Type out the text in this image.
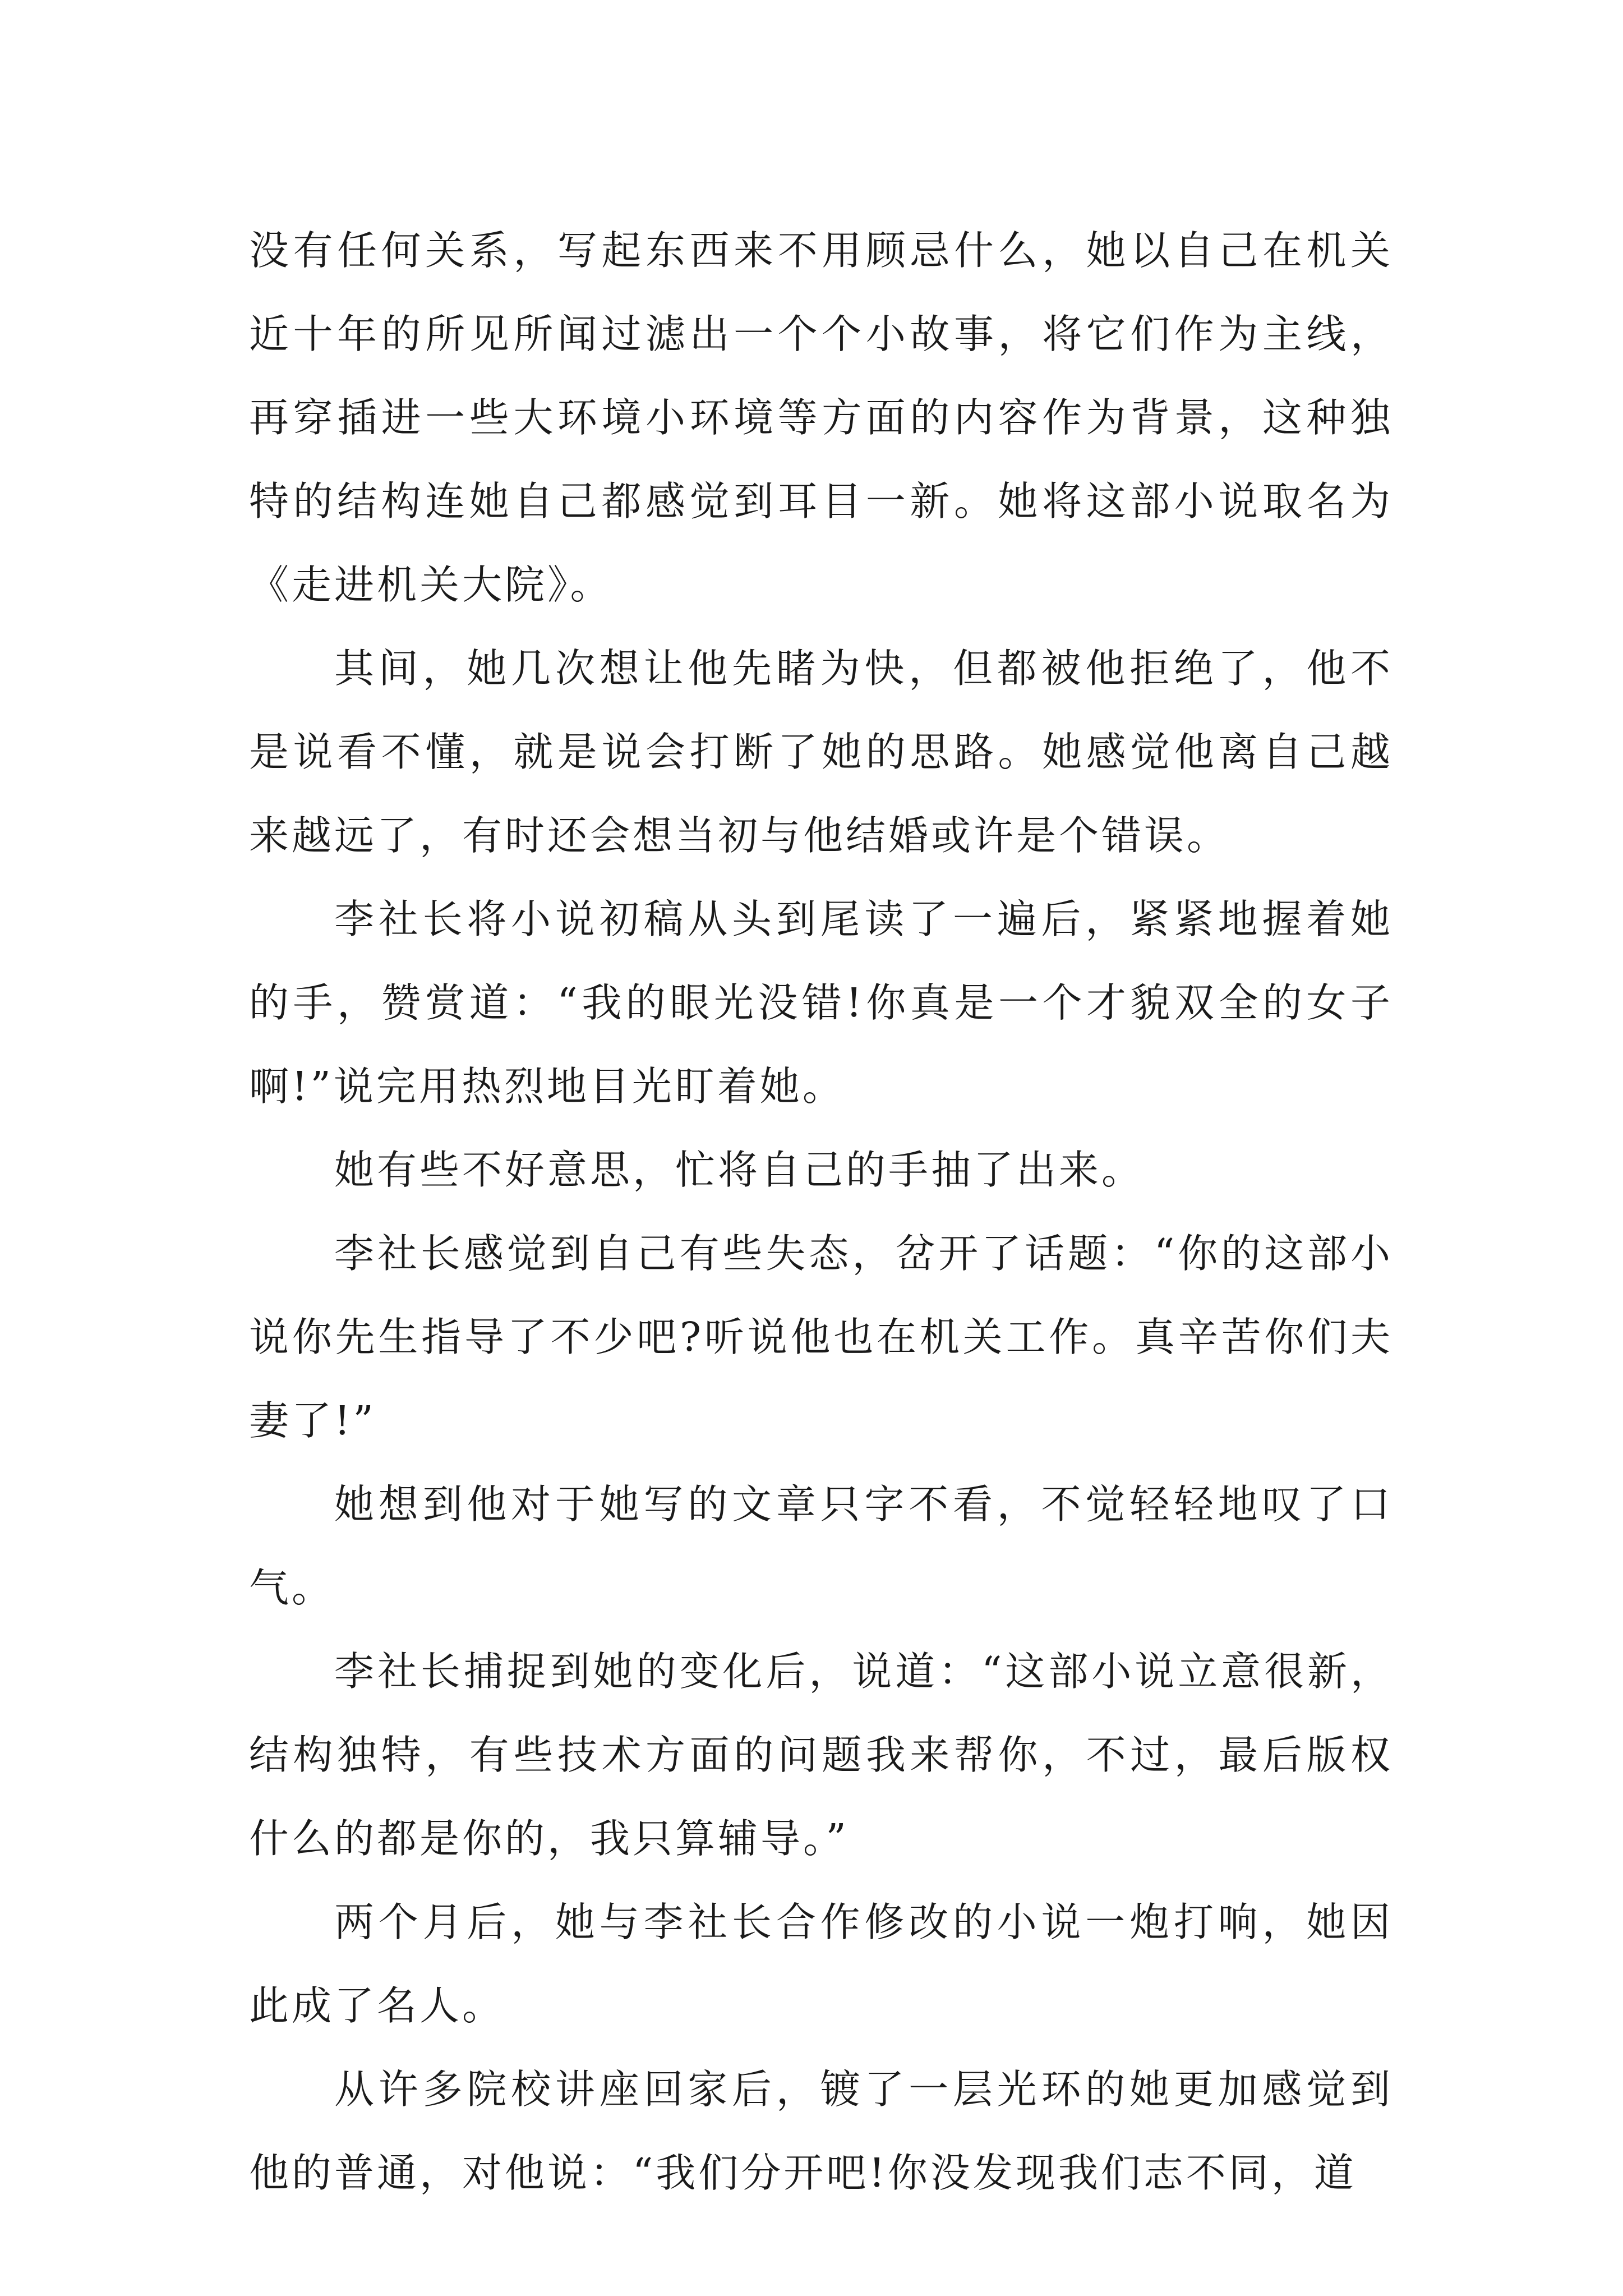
没有任何关系，写起东西来不用顾忌什么，她以自己在机关近十年的所见所闻过滤出一个个小故事，将它们作为主线，再穿插进一些大环境小环境等方面的内容作为背景，这种独特的结构连她自己都感觉到耳目一新。她将这部小说取名为《走进机关大院》。

其间，她几次想让他先睹为快，但都被他拒绝了，他不是说看不懂，就是说会打断了她的思路。她感觉他离自己越来越远了，有时还会想当初与他结婚或许是个错误。

李社长将小说初稿从头到尾读了一遍后，紧紧地握着她的手，赞赏道：“我的眼光没错!你真是一个才貌双全的女子啊!”说完用热烈地目光盯着她。

她有些不好意思，忙将自己的手抽了出来。

李社长感觉到自己有些失态，岔开了话题：“你的这部小说你先生指导了不少吧?听说他也在机关工作。真辛苦你们夫妻了!”

她想到他对于她写的文章只字不看，不觉轻轻地叹了口气。

李社长捕捉到她的变化后，说道：“这部小说立意很新，结构独特，有些技术方面的问题我来帮你，不过，最后版权什么的都是你的，我只算辅导。”

两个月后，她与李社长合作修改的小说一炮打响，她因此成了名人。

从许多院校讲座回家后，镀了一层光环的她更加感觉到他的普通，对他说：“我们分开吧!你没发现我们志不同，道
